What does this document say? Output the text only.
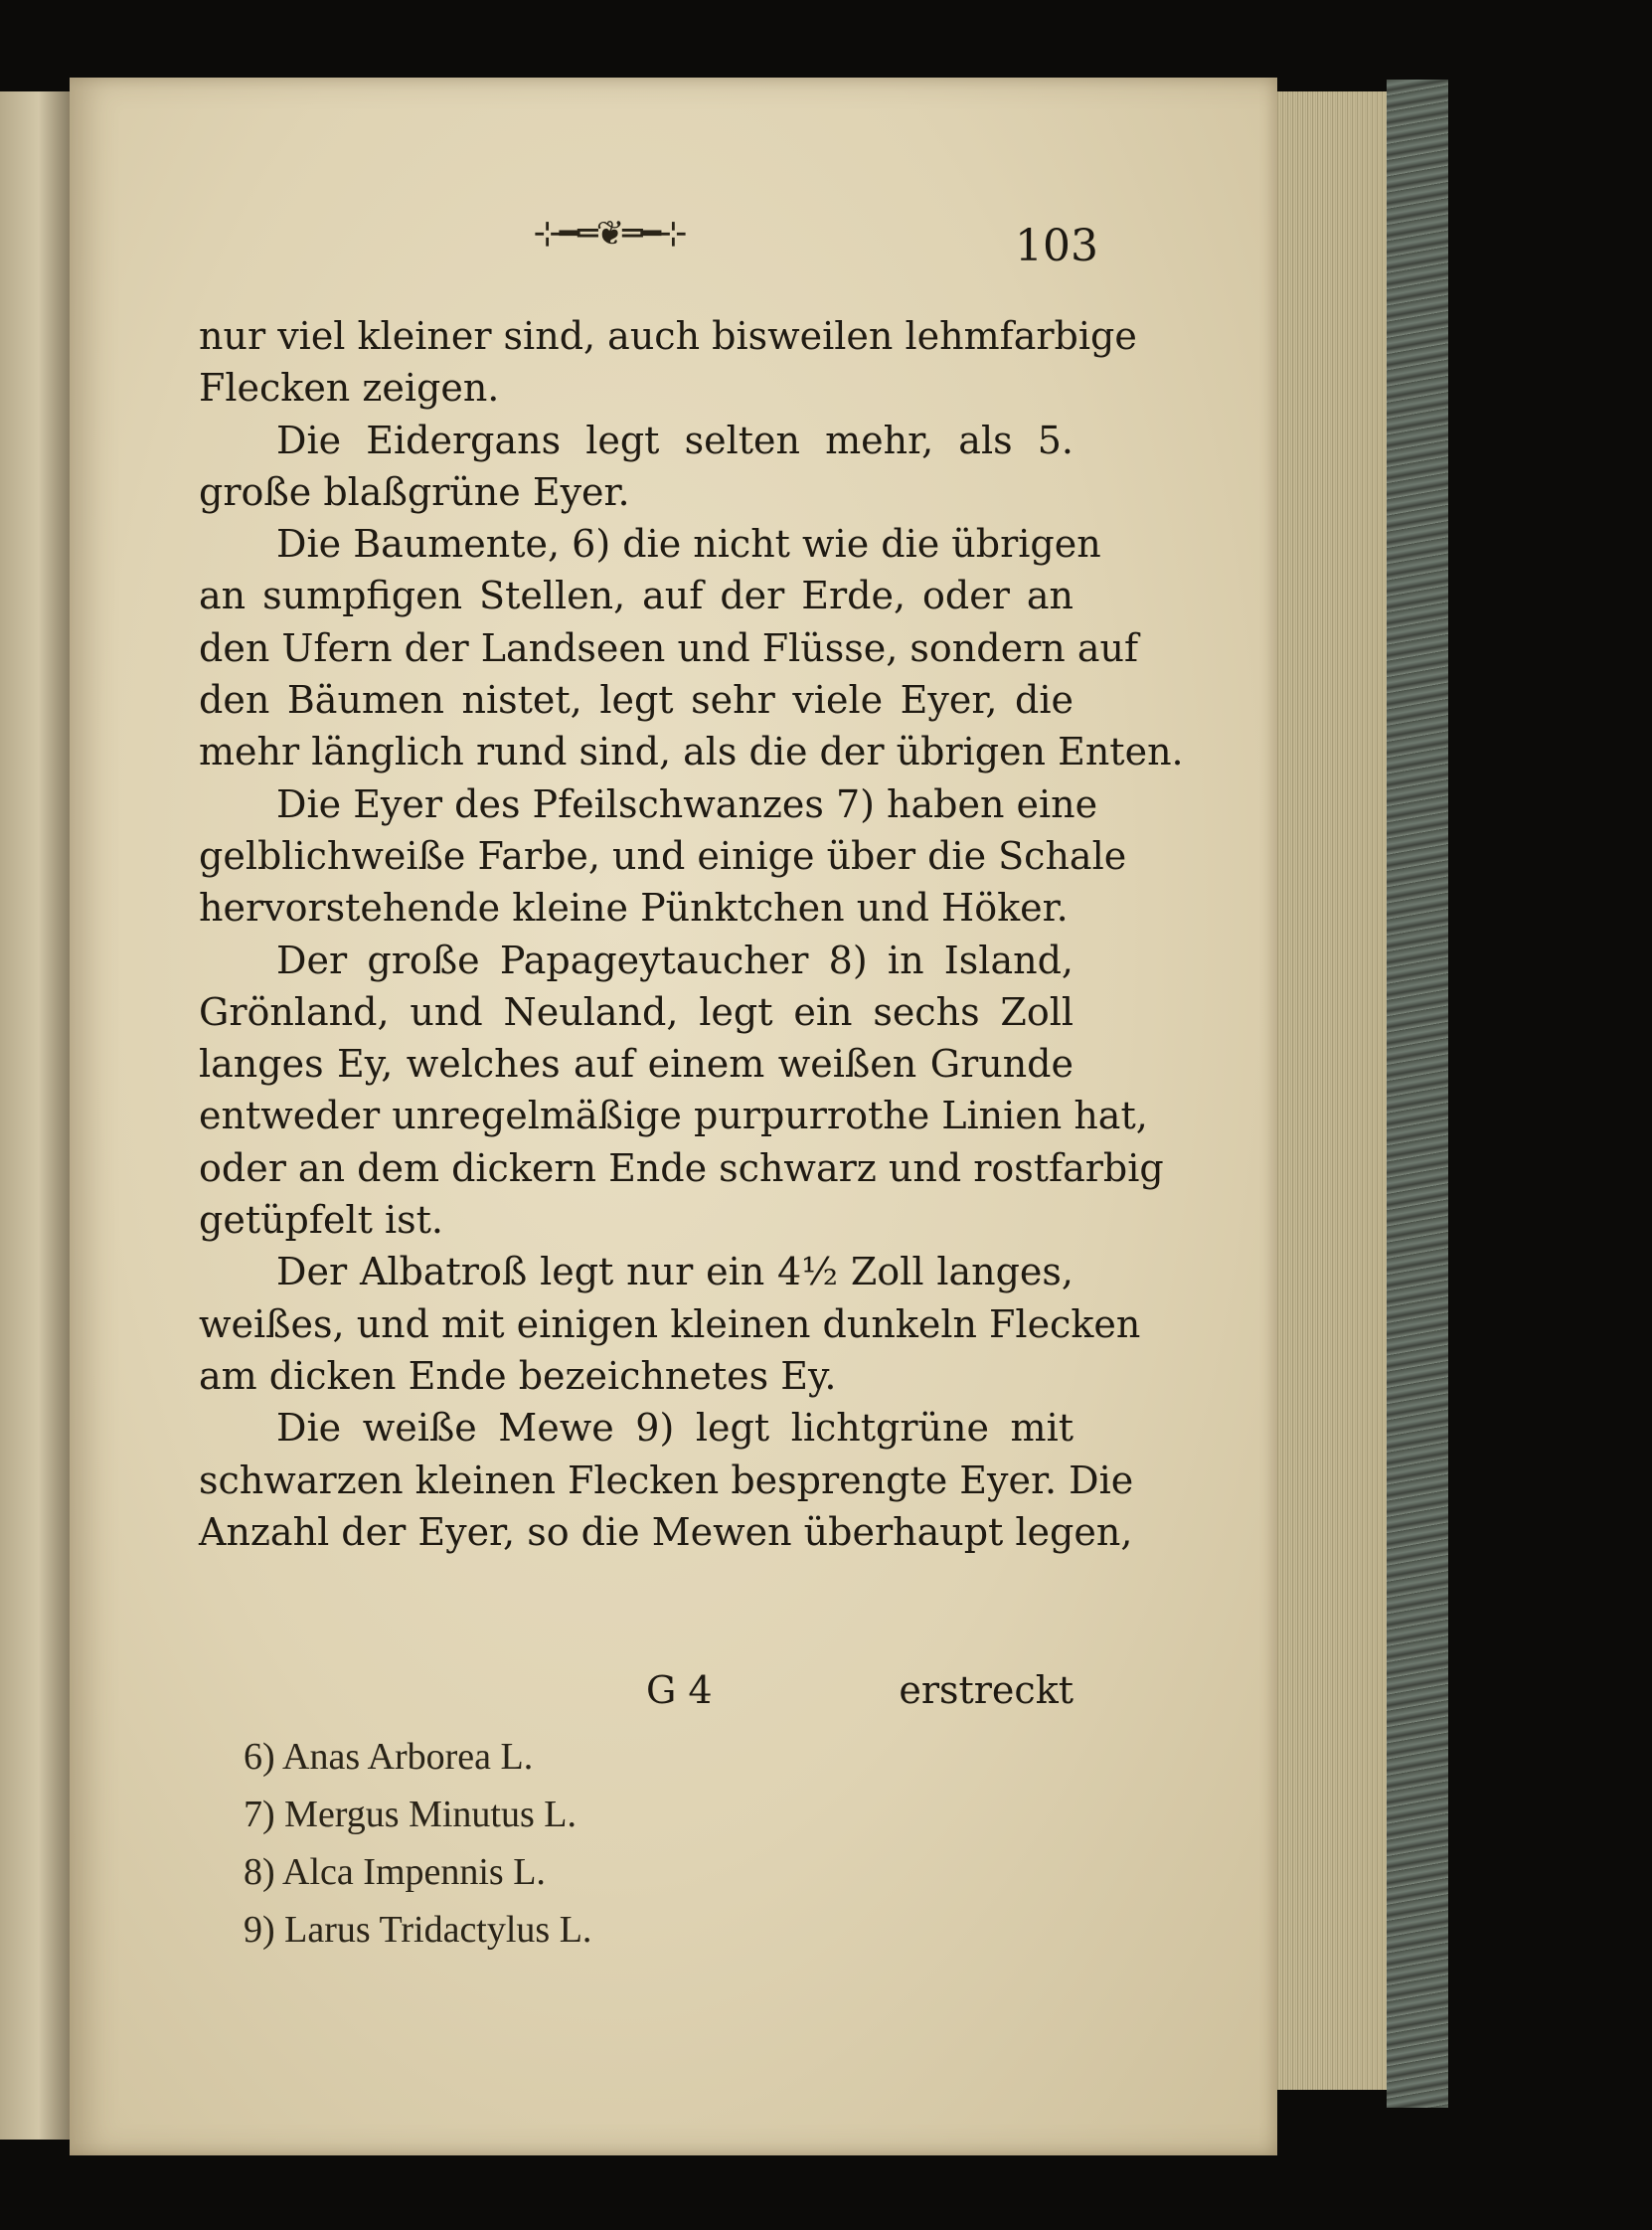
⊹━═❦═━⊹	103
nur viel kleiner sind, auch bisweilen lehmfarbige
Flecken zeigen.
Die Eidergans legt selten mehr, als 5.
große blaßgrüne Eyer.
Die Baumente, 6) die nicht wie die übrigen
an sumpfigen Stellen, auf der Erde, oder an
den Ufern der Landseen und Flüsse, sondern auf
den Bäumen nistet, legt sehr viele Eyer, die
mehr länglich rund sind, als die der übrigen Enten.
Die Eyer des Pfeilschwanzes 7) haben eine
gelblichweiße Farbe, und einige über die Schale
hervorstehende kleine Pünktchen und Höker.
Der große Papageytaucher 8) in Island,
Grönland, und Neuland, legt ein sechs Zoll
langes Ey, welches auf einem weißen Grunde
entweder unregelmäßige purpurrothe Linien hat,
oder an dem dickern Ende schwarz und rostfarbig
getüpfelt ist.
Der Albatroß legt nur ein 4½ Zoll langes,
weißes, und mit einigen kleinen dunkeln Flecken
am dicken Ende bezeichnetes Ey.
Die weiße Mewe 9) legt lichtgrüne mit
schwarzen kleinen Flecken besprengte Eyer. Die
Anzahl der Eyer, so die Mewen überhaupt legen,
G 4	erstreckt
6) Anas Arborea L.
7) Mergus Minutus L.
8) Alca Impennis L.
9) Larus Tridactylus L.
